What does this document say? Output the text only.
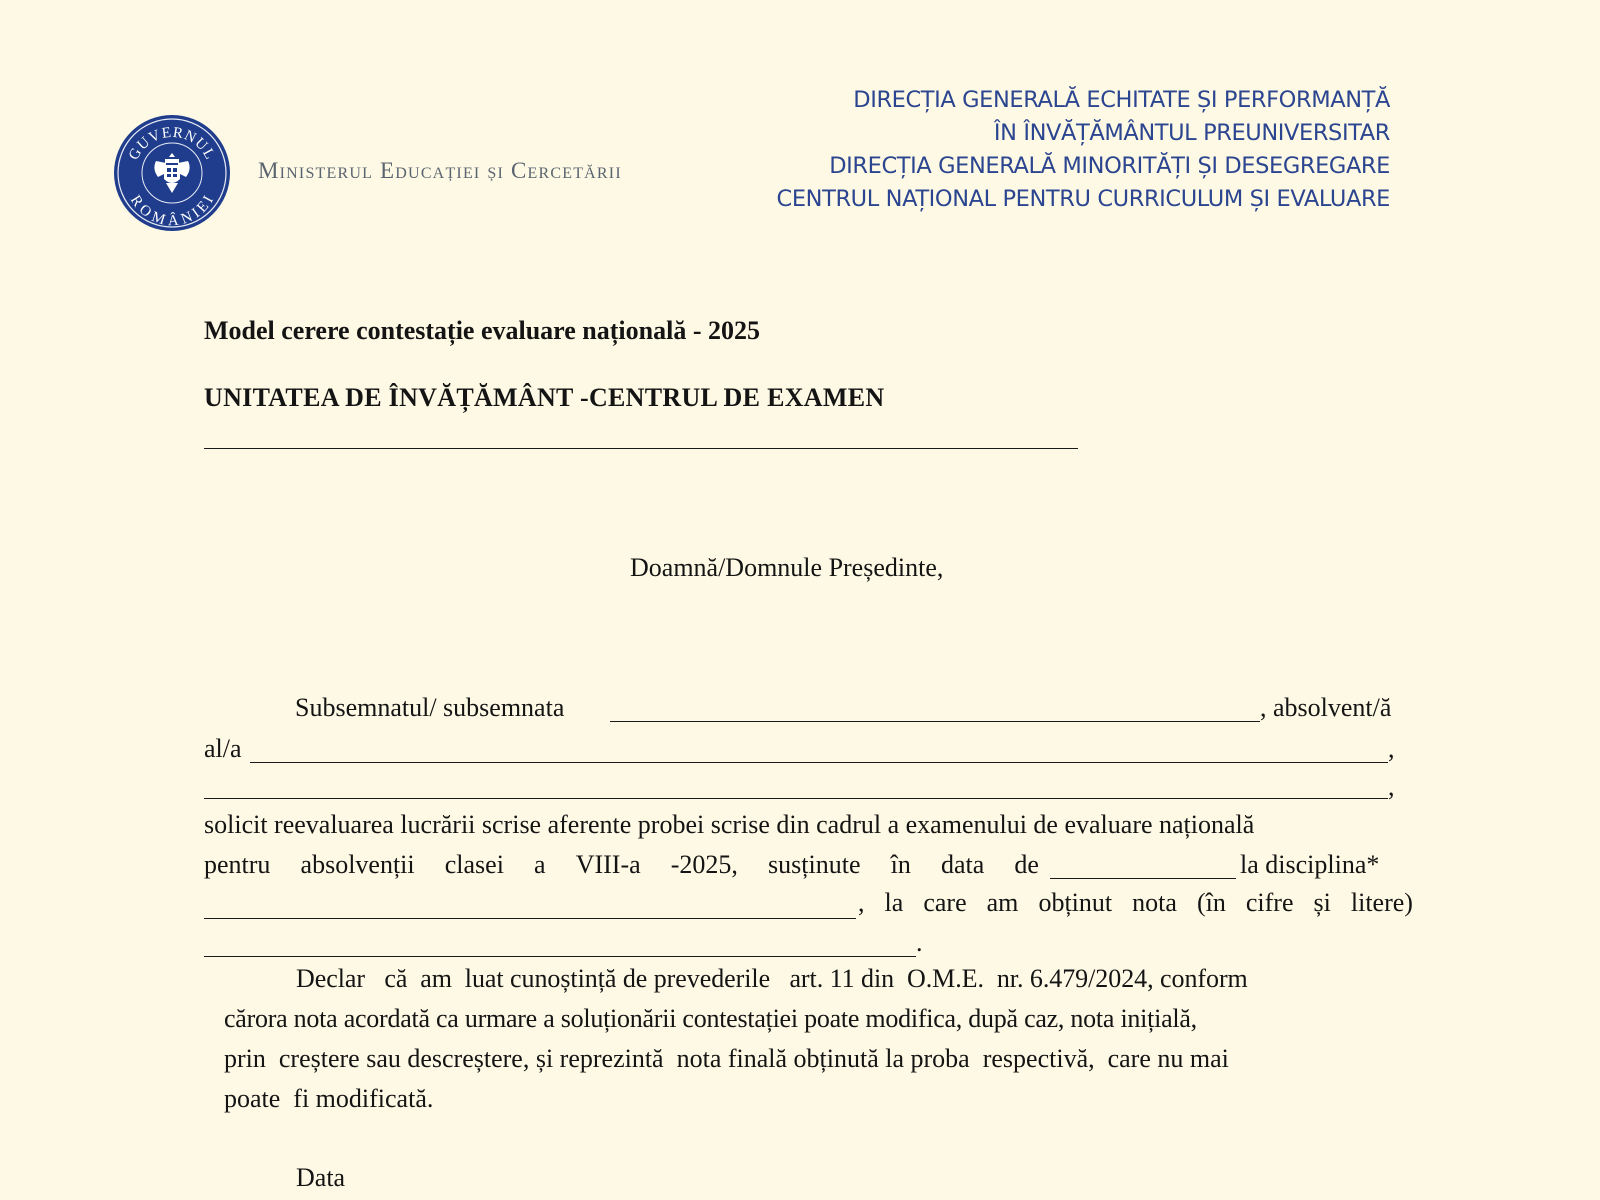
GUVERNUL
ROMÂNIEI
Ministerul Educației și Cercetării
DIRECȚIA GENERALĂ ECHITATE ȘI PERFORMANȚĂ
ÎN ÎNVĂȚĂMÂNTUL PREUNIVERSITAR
DIRECȚIA GENERALĂ MINORITĂȚI ȘI DESEGREGARE
CENTRUL NAȚIONAL PENTRU CURRICULUM ȘI EVALUARE
Model cerere contestație evaluare națională - 2025
UNITATEA DE ÎNVĂȚĂMÂNT -CENTRUL DE EXAMEN
Doamnă/Domnule Președinte,
Subsemnatul/ subsemnata	, absolvent/ă
al/a	,
,
solicit reevaluarea lucrării scrise aferente probei scrise din cadrul a examenului de evaluare națională
pentru absolvenții clasei a VIII-a -2025, susținute în data de	la disciplina*
, la care am obținut nota (în cifre și litere)
.
Declar   că  am  luat cunoștință de prevederile   art. 11 din  O.M.E.  nr. 6.479/2024, conform
cărora nota acordată ca urmare a soluționării contestației poate modifica, după caz, nota inițială,
prin  creștere sau descreștere, și reprezintă  nota finală obținută la proba  respectivă,  care nu mai
poate  fi modificată.
Data
